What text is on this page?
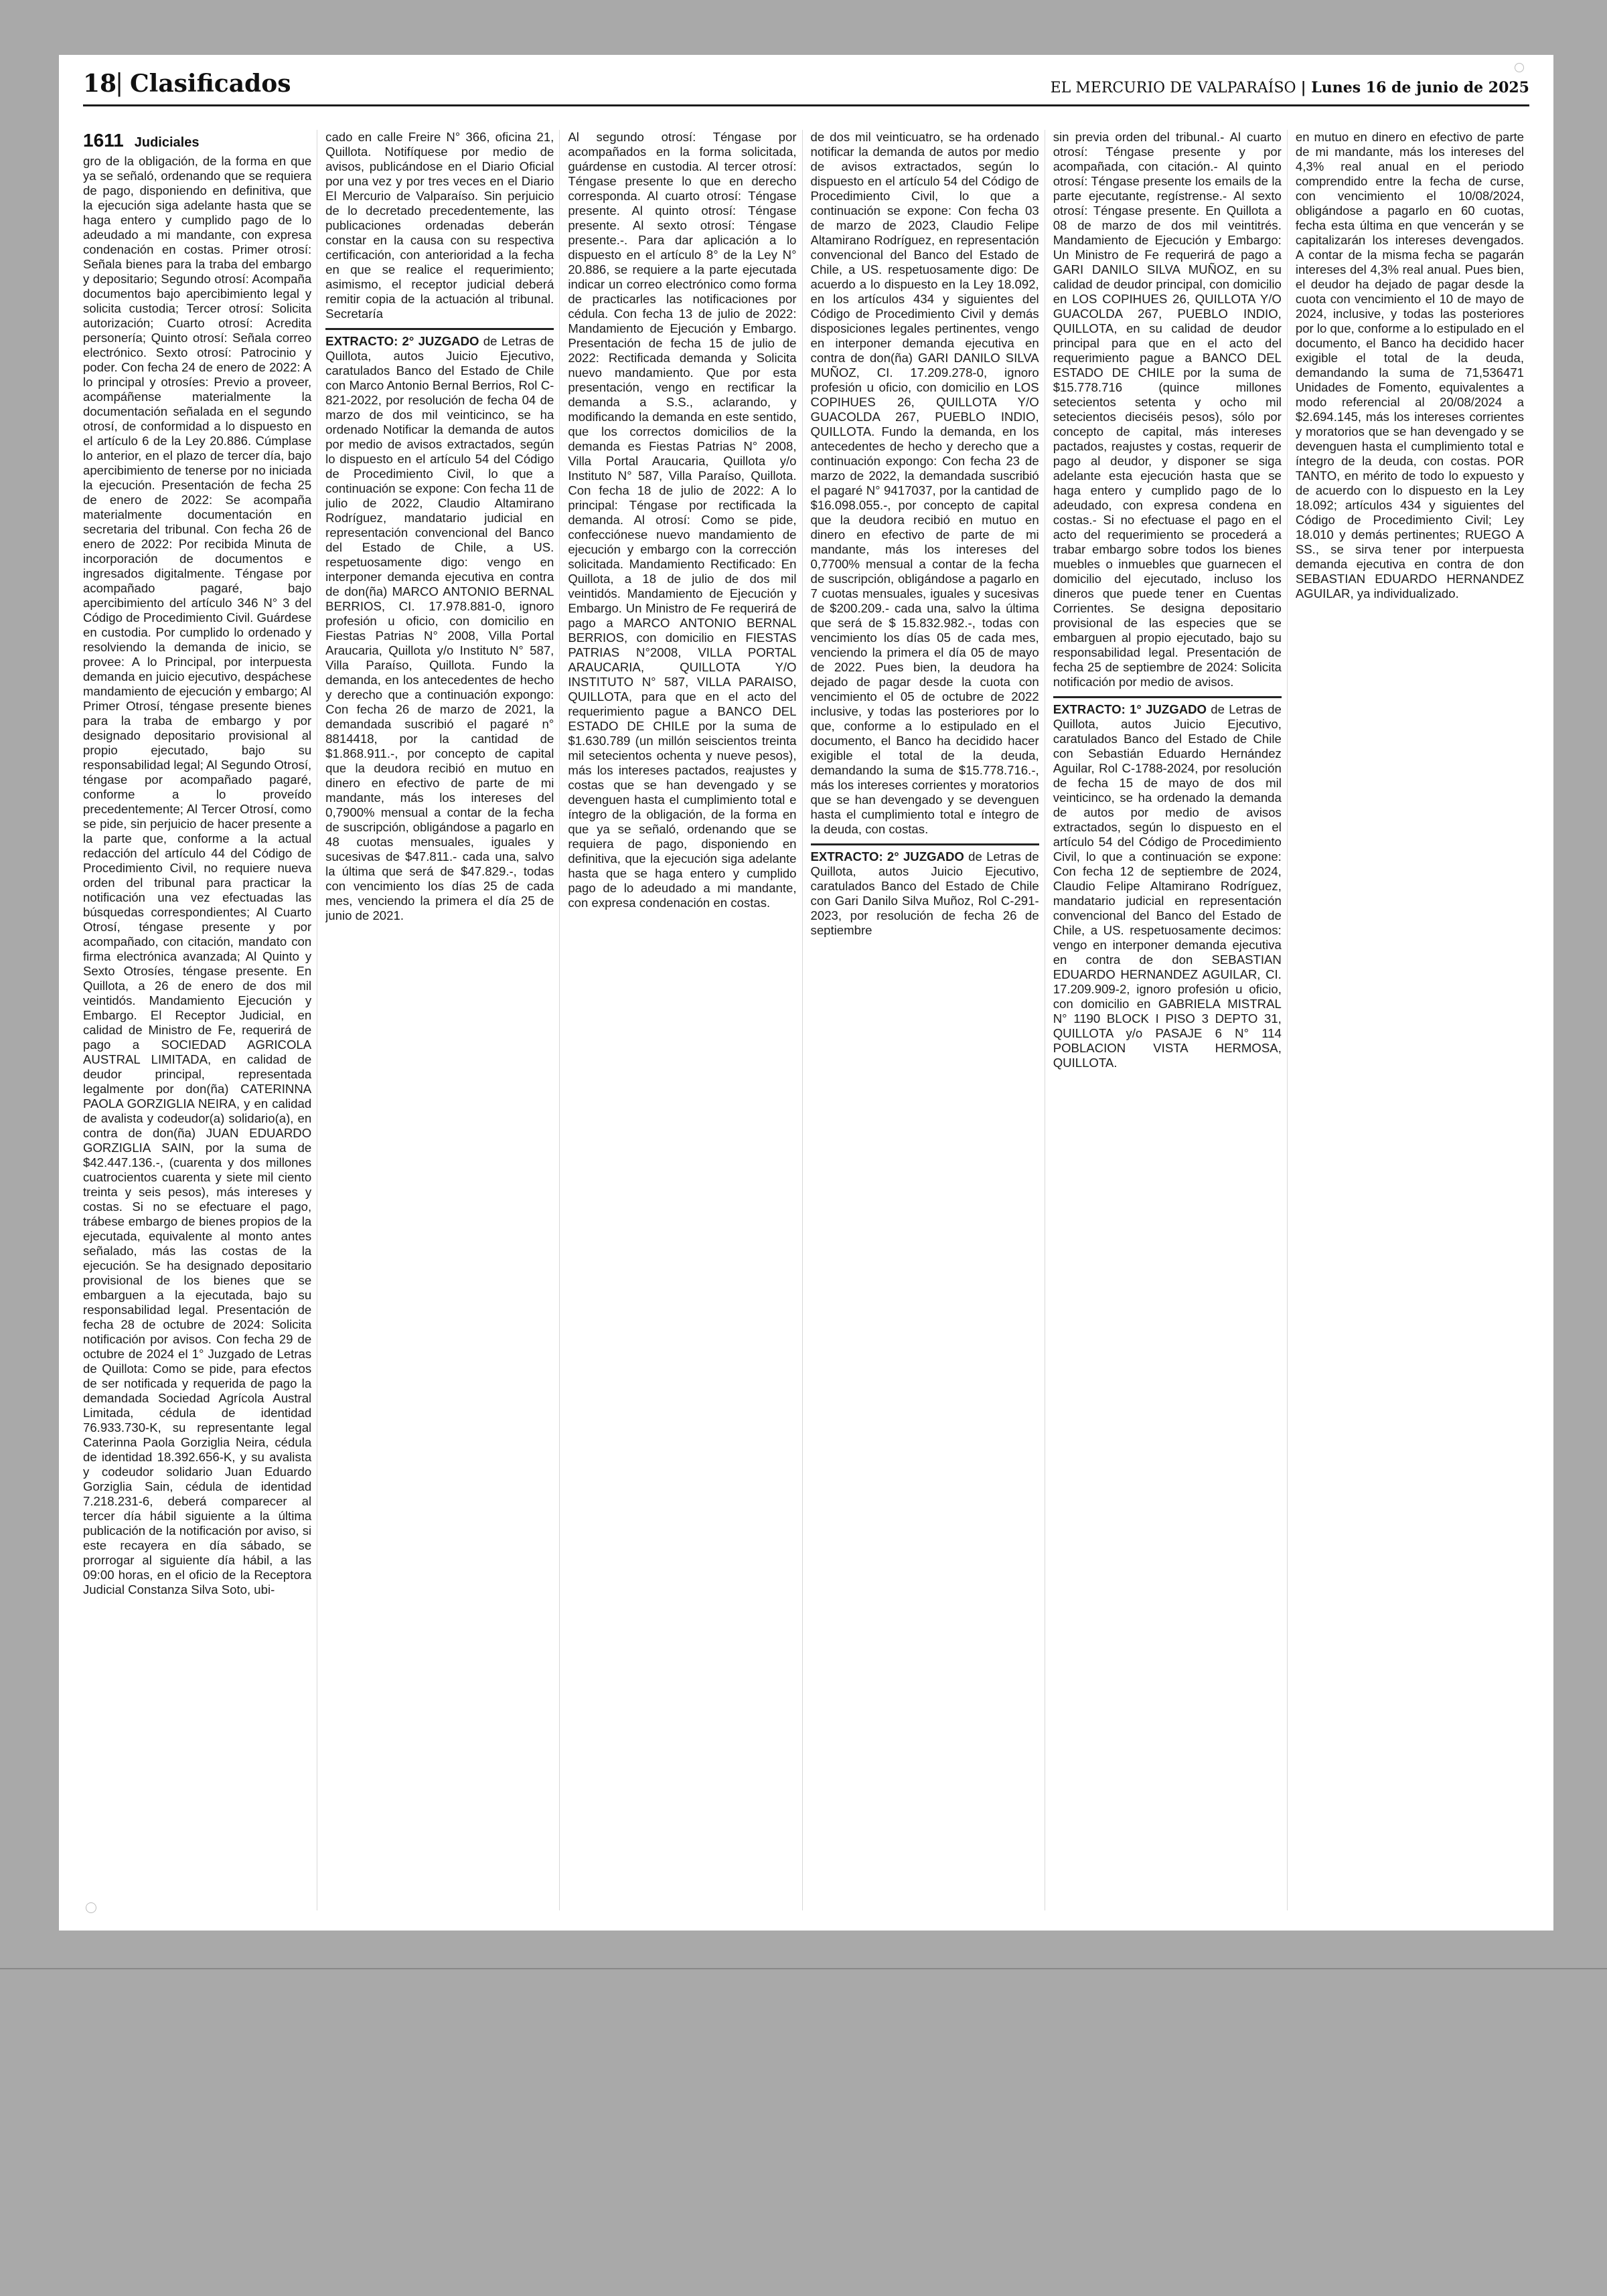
18
| Clasificados	EL MERCURIO DE VALPARAÍSO | Lunes 16 de junio de 2025
1611 Judiciales

gro de la obligación, de la forma en que ya se señaló, ordenando que se requiera de pago, disponiendo en definitiva, que la ejecución siga adelante hasta que se haga entero y cumplido pago de lo adeudado a mi mandante, con expresa condenación en costas. Primer otrosí: Señala bienes para la traba del embargo y depositario; Segundo otrosí: Acompaña documentos bajo apercibimiento legal y solicita custodia; Tercer otrosí: Solicita autorización; Cuarto otrosí: Acredita personería; Quinto otrosí: Señala correo electrónico. Sexto otrosí: Patrocinio y poder. Con fecha 24 de enero de 2022: A lo principal y otrosíes: Previo a proveer, acompáñense materialmente la documentación señalada en el segundo otrosí, de conformidad a lo dispuesto en el artículo 6 de la Ley 20.886. Cúmplase lo anterior, en el plazo de tercer día, bajo apercibimiento de tenerse por no iniciada la ejecución. Presentación de fecha 25 de enero de 2022: Se acompaña materialmente documentación en secretaria del tribunal. Con fecha 26 de enero de 2022: Por recibida Minuta de incorporación de documentos e ingresados digitalmente. Téngase por acompañado pagaré, bajo apercibimiento del artículo 346 N° 3 del Código de Procedimiento Civil. Guárdese en custodia. Por cumplido lo ordenado y resolviendo la demanda de inicio, se provee: A lo Principal, por interpuesta demanda en juicio ejecutivo, despáchese mandamiento de ejecución y embargo; Al Primer Otrosí, téngase presente bienes para la traba de embargo y por designado depositario provisional al propio ejecutado, bajo su responsabilidad legal; Al Segundo Otrosí, téngase por acompañado pagaré, conforme a lo proveído precedentemente; Al Tercer Otrosí, como se pide, sin perjuicio de hacer presente a la parte que, conforme a la actual redacción del artículo 44 del Código de Procedimiento Civil, no requiere nueva orden del tribunal para practicar la notificación una vez efectuadas las búsquedas correspondientes; Al Cuarto Otrosí, téngase presente y por acompañado, con citación, mandato con firma electrónica avanzada; Al Quinto y Sexto Otrosíes, téngase presente. En Quillota, a 26 de enero de dos mil veintidós. Mandamiento Ejecución y Embargo. El Receptor Judicial, en calidad de Ministro de Fe, requerirá de pago a SOCIEDAD AGRICOLA AUSTRAL LIMITADA, en calidad de deudor principal, representada legalmente por don(ña) CATERINNA PAOLA GORZIGLIA NEIRA, y en calidad de avalista y codeudor(a) solidario(a), en contra de don(ña) JUAN EDUARDO GORZIGLIA SAIN, por la suma de $42.447.136.-, (cuarenta y dos millones cuatrocientos cuarenta y siete mil ciento treinta y seis pesos), más intereses y costas. Si no se efectuare el pago, trábese embargo de bienes propios de la ejecutada, equivalente al monto antes señalado, más las costas de la ejecución. Se ha designado depositario provisional de los bienes que se embarguen a la ejecutada, bajo su responsabilidad legal. Presentación de fecha 28 de octubre de 2024: Solicita notificación por avisos. Con fecha 29 de octubre de 2024 el 1° Juzgado de Letras de Quillota: Como se pide, para efectos de ser notificada y requerida de pago la demandada Sociedad Agrícola Austral Limitada, cédula de identidad 76.933.730-K, su representante legal Caterinna Paola Gorziglia Neira, cédula de identidad 18.392.656-K, y su avalista y codeudor solidario Juan Eduardo Gorziglia Sain, cédula de identidad 7.218.231-6, deberá comparecer al tercer día hábil siguiente a la última publicación de la notificación por aviso, si este recayera en día sábado, se prorrogar al siguiente día hábil, a las 09:00 horas, en el oficio de la Receptora Judicial Constanza Silva Soto, ubi-

cado en calle Freire N° 366, oficina 21, Quillota. Notifíquese por medio de avisos, publicándose en el Diario Oficial por una vez y por tres veces en el Diario El Mercurio de Valparaíso. Sin perjuicio de lo decretado precedentemente, las publicaciones ordenadas deberán constar en la causa con su respectiva certificación, con anterioridad a la fecha en que se realice el requerimiento; asimismo, el receptor judicial deberá remitir copia de la actuación al tribunal. Secretaría

EXTRACTO: 2° JUZGADO de Letras de Quillota, autos Juicio Ejecutivo, caratulados Banco del Estado de Chile con Marco Antonio Bernal Berrios, Rol C-821-2022, por resolución de fecha 04 de marzo de dos mil veinticinco, se ha ordenado Notificar la demanda de autos por medio de avisos extractados, según lo dispuesto en el artículo 54 del Código de Procedimiento Civil, lo que a continuación se expone: Con fecha 11 de julio de 2022, Claudio Altamirano Rodríguez, mandatario judicial en representación convencional del Banco del Estado de Chile, a US. respetuosamente digo: vengo en interponer demanda ejecutiva en contra de don(ña) MARCO ANTONIO BERNAL BERRIOS, CI. 17.978.881-0, ignoro profesión u oficio, con domicilio en Fiestas Patrias N° 2008, Villa Portal Araucaria, Quillota y/o Instituto N° 587, Villa Paraíso, Quillota. Fundo la demanda, en los antecedentes de hecho y derecho que a continuación expongo: Con fecha 26 de marzo de 2021, la demandada suscribió el pagaré n° 8814418, por la cantidad de $1.868.911.-, por concepto de capital que la deudora recibió en mutuo en dinero en efectivo de parte de mi mandante, más los intereses del 0,7900% mensual a contar de la fecha de suscripción, obligándose a pagarlo en 48 cuotas mensuales, iguales y sucesivas de $47.811.- cada una, salvo la última que será de $47.829.-, todas con vencimiento los días 25 de cada mes, venciendo la primera el día 25 de junio de 2021.

Al segundo otrosí: Téngase por acompañados en la forma solicitada, guárdense en custodia. Al tercer otrosí: Téngase presente lo que en derecho corresponda. Al cuarto otrosí: Téngase presente. Al quinto otrosí: Téngase presente. Al sexto otrosí: Téngase presente.-. Para dar aplicación a lo dispuesto en el artículo 8° de la Ley N° 20.886, se requiere a la parte ejecutada indicar un correo electrónico como forma de practicarles las notificaciones por cédula. Con fecha 13 de julio de 2022: Mandamiento de Ejecución y Embargo. Presentación de fecha 15 de julio de 2022: Rectificada demanda y Solicita nuevo mandamiento. Que por esta presentación, vengo en rectificar la demanda a S.S., aclarando, y modificando la demanda en este sentido, que los correctos domicilios de la demanda es Fiestas Patrias N° 2008, Villa Portal Araucaria, Quillota y/o Instituto N° 587, Villa Paraíso, Quillota. Con fecha 18 de julio de 2022: A lo principal: Téngase por rectificada la demanda. Al otrosí: Como se pide, confecciónese nuevo mandamiento de ejecución y embargo con la corrección solicitada. Mandamiento Rectificado: En Quillota, a 18 de julio de dos mil veintidós. Mandamiento de Ejecución y Embargo. Un Ministro de Fe requerirá de pago a MARCO ANTONIO BERNAL BERRIOS, con domicilio en FIESTAS PATRIAS N°2008, VILLA PORTAL ARAUCARIA, QUILLOTA Y/O INSTITUTO N° 587, VILLA PARAISO, QUILLOTA, para que en el acto del requerimiento pague a BANCO DEL ESTADO DE CHILE por la suma de $1.630.789 (un millón seiscientos treinta mil setecientos ochenta y nueve pesos), más los intereses pactados, reajustes y costas que se han devengado y se devenguen hasta el cumplimiento total e íntegro de la obligación, de la forma en que ya se señaló, ordenando que se requiera de pago, disponiendo en definitiva, que la ejecución siga adelante hasta que se haga entero y cumplido pago de lo adeudado a mi mandante, con expresa condenación en costas.

de dos mil veinticuatro, se ha ordenado notificar la demanda de autos por medio de avisos extractados, según lo dispuesto en el artículo 54 del Código de Procedimiento Civil, lo que a continuación se expone: Con fecha 03 de marzo de 2023, Claudio Felipe Altamirano Rodríguez, en representación convencional del Banco del Estado de Chile, a US. respetuosamente digo: De acuerdo a lo dispuesto en la Ley 18.092, en los artículos 434 y siguientes del Código de Procedimiento Civil y demás disposiciones legales pertinentes, vengo en interponer demanda ejecutiva en contra de don(ña) GARI DANILO SILVA MUÑOZ, CI. 17.209.278-0, ignoro profesión u oficio, con domicilio en LOS COPIHUES 26, QUILLOTA Y/O GUACOLDA 267, PUEBLO INDIO, QUILLOTA. Fundo la demanda, en los antecedentes de hecho y derecho que a continuación expongo: Con fecha 23 de marzo de 2022, la demandada suscribió el pagaré N° 9417037, por la cantidad de $16.098.055.-, por concepto de capital que la deudora recibió en mutuo en dinero en efectivo de parte de mi mandante, más los intereses del 0,7700% mensual a contar de la fecha de suscripción, obligándose a pagarlo en 7 cuotas mensuales, iguales y sucesivas de $200.209.- cada una, salvo la última que será de $ 15.832.982.-, todas con vencimiento los días 05 de cada mes, venciendo la primera el día 05 de mayo de 2022. Pues bien, la deudora ha dejado de pagar desde la cuota con vencimiento el 05 de octubre de 2022 inclusive, y todas las posteriores por lo que, conforme a lo estipulado en el documento, el Banco ha decidido hacer exigible el total de la deuda, demandando la suma de $15.778.716.-, más los intereses corrientes y moratorios que se han devengado y se devenguen hasta el cumplimiento total e íntegro de la deuda, con costas.

EXTRACTO: 2° JUZGADO de Letras de Quillota, autos Juicio Ejecutivo, caratulados Banco del Estado de Chile con Gari Danilo Silva Muñoz, Rol C-291-2023, por resolución de fecha 26 de septiembre

sin previa orden del tribunal.- Al cuarto otrosí: Téngase presente y por acompañada, con citación.- Al quinto otrosí: Téngase presente los emails de la parte ejecutante, regístrense.- Al sexto otrosí: Téngase presente. En Quillota a 08 de marzo de dos mil veintitrés. Mandamiento de Ejecución y Embargo: Un Ministro de Fe requerirá de pago a GARI DANILO SILVA MUÑOZ, en su calidad de deudor principal, con domicilio en LOS COPIHUES 26, QUILLOTA Y/O GUACOLDA 267, PUEBLO INDIO, QUILLOTA, en su calidad de deudor principal para que en el acto del requerimiento pague a BANCO DEL ESTADO DE CHILE por la suma de $15.778.716 (quince millones setecientos setenta y ocho mil setecientos dieciséis pesos), sólo por concepto de capital, más intereses pactados, reajustes y costas, requerir de pago al deudor, y disponer se siga adelante esta ejecución hasta que se haga entero y cumplido pago de lo adeudado, con expresa condena en costas.- Si no efectuase el pago en el acto del requerimiento se procederá a trabar embargo sobre todos los bienes muebles o inmuebles que guarnecen el domicilio del ejecutado, incluso los dineros que puede tener en Cuentas Corrientes. Se designa depositario provisional de las especies que se embarguen al propio ejecutado, bajo su responsabilidad legal. Presentación de fecha 25 de septiembre de 2024: Solicita notificación por medio de avisos.

EXTRACTO: 1° JUZGADO de Letras de Quillota, autos Juicio Ejecutivo, caratulados Banco del Estado de Chile con Sebastián Eduardo Hernández Aguilar, Rol C-1788-2024, por resolución de fecha 15 de mayo de dos mil veinticinco, se ha ordenado la demanda de autos por medio de avisos extractados, según lo dispuesto en el artículo 54 del Código de Procedimiento Civil, lo que a continuación se expone: Con fecha 12 de septiembre de 2024, Claudio Felipe Altamirano Rodríguez, mandatario judicial en representación convencional del Banco del Estado de Chile, a US. respetuosamente decimos: vengo en interponer demanda ejecutiva en contra de don SEBASTIAN EDUARDO HERNANDEZ AGUILAR, CI. 17.209.909-2, ignoro profesión u oficio, con domicilio en GABRIELA MISTRAL N° 1190 BLOCK I PISO 3 DEPTO 31, QUILLOTA y/o PASAJE 6 N° 114 POBLACION VISTA HERMOSA, QUILLOTA.

en mutuo en dinero en efectivo de parte de mi mandante, más los intereses del 4,3% real anual en el periodo comprendido entre la fecha de curse, con vencimiento el 10/08/2024, obligándose a pagarlo en 60 cuotas, fecha esta última en que vencerán y se capitalizarán los intereses devengados. A contar de la misma fecha se pagarán intereses del 4,3% real anual. Pues bien, el deudor ha dejado de pagar desde la cuota con vencimiento el 10 de mayo de 2024, inclusive, y todas las posteriores por lo que, conforme a lo estipulado en el documento, el Banco ha decidido hacer exigible el total de la deuda, demandando la suma de 71,536471 Unidades de Fomento, equivalentes a modo referencial al 20/08/2024 a $2.694.145, más los intereses corrientes y moratorios que se han devengado y se devenguen hasta el cumplimiento total e íntegro de la deuda, con costas. POR TANTO, en mérito de todo lo expuesto y de acuerdo con lo dispuesto en la Ley 18.092; artículos 434 y siguientes del Código de Procedimiento Civil; Ley 18.010 y demás pertinentes; RUEGO A SS., se sirva tener por interpuesta demanda ejecutiva en contra de don SEBASTIAN EDUARDO HERNANDEZ AGUILAR, ya individualizado.
